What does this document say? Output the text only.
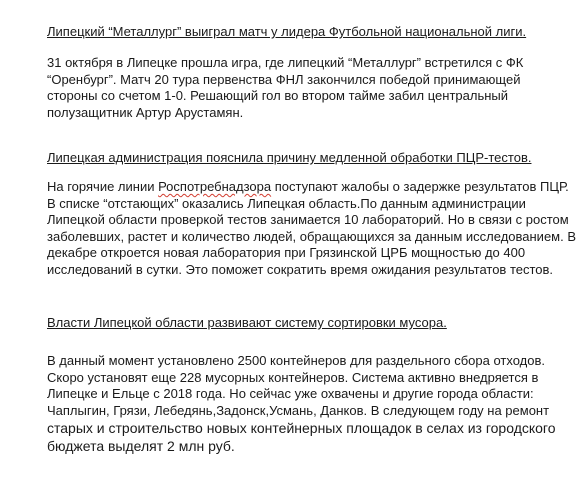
Липецкий “Металлург” выиграл матч у лидера Футбольной национальной лиги.

31 октября в Липецке прошла игра, где липецкий “Металлург” встретился с ФК
“Оренбург”. Матч 20 тура первенства ФНЛ закончился победой принимающей
стороны со счетом 1-0. Решающий гол во втором тайме забил центральный
полузащитник Артур Арустамян.

Липецкая администрация пояснила причину медленной обработки ПЦР-тестов.

На горячие линии Роспотребнадзора поступают жалобы о задержке результатов ПЦР.
В списке “отстающих” оказались Липецкая область.По данным администрации
Липецкой области проверкой тестов занимается 10 лабораторий. Но в связи с ростом
заболевших, растет и количество людей, обращающихся за данным исследованием. В
декабре откроется новая лаборатория при Грязинской ЦРБ мощностью до 400
исследований в сутки. Это поможет сократить время ожидания результатов тестов.

Власти Липецкой области развивают систему сортировки мусора.

В данный момент установлено 2500 контейнеров для раздельного сбора отходов.
Скоро установят еще 228 мусорных контейнеров. Система активно внедряется в
Липецке и Ельце с 2018 года. Но сейчас уже охвачены и другие города области:
Чаплыгин, Грязи, Лебедянь,Задонск,Усмань, Данков. В следующем году на ремонт

старых и строительство новых контейнерных площадок в селах из городского
бюджета выделят 2 млн руб.
